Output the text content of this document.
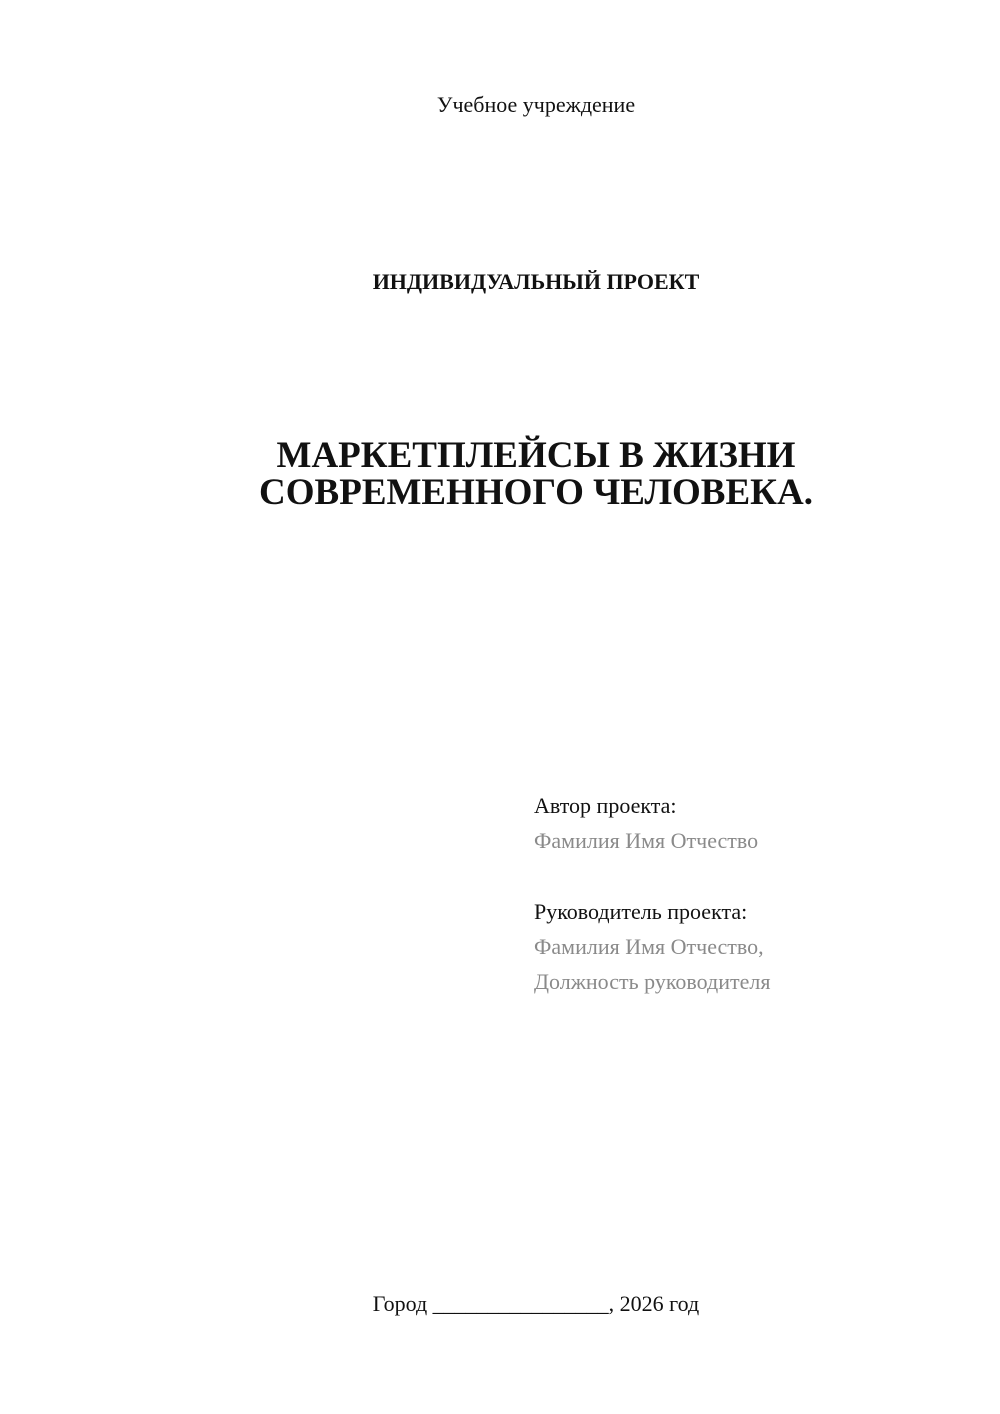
Учебное учреждение
ИНДИВИДУАЛЬНЫЙ ПРОЕКТ
МАРКЕТПЛЕЙСЫ В ЖИЗНИ
СОВРЕМЕННОГО ЧЕЛОВЕКА.
Автор проекта:
Фамилия Имя Отчество
Руководитель проекта:
Фамилия Имя Отчество,
Должность руководителя
Город ________________, 2026 год
